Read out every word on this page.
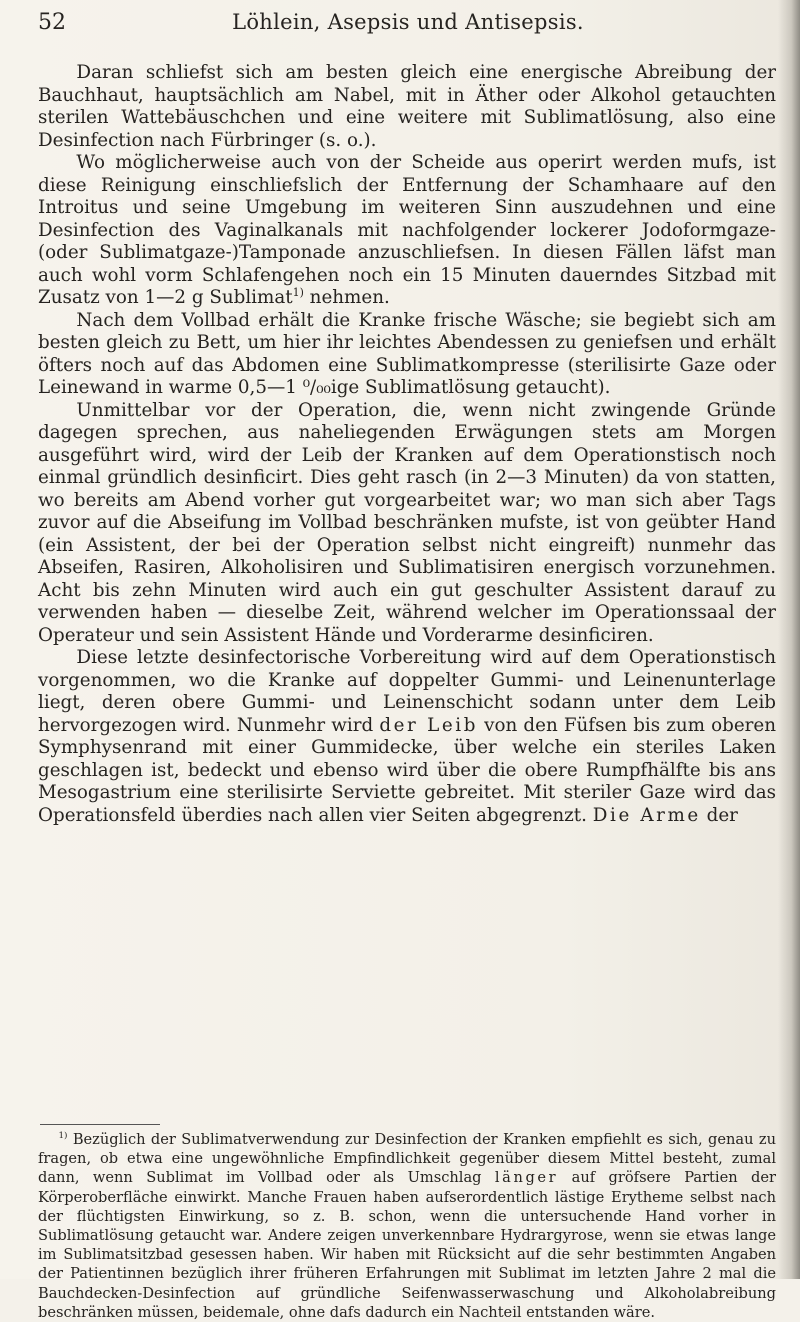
52	Löhlein, Asepsis und Antisepsis.

Daran schliefst sich am besten gleich eine energische Abreibung der Bauchhaut, hauptsächlich am Nabel, mit in Äther oder Alkohol getauchten sterilen Wattebäuschchen und eine weitere mit Sublimatlösung, also eine Desinfection nach Fürbringer (s. o.).

Wo möglicherweise auch von der Scheide aus operirt werden mufs, ist diese Reinigung einschliefslich der Entfernung der Schamhaare auf den Introitus und seine Umgebung im weiteren Sinn auszudehnen und eine Desinfection des Vaginalkanals mit nachfolgender lockerer Jodoformgaze- (oder Sublimatgaze-)Tamponade anzuschliefsen. In diesen Fällen läfst man auch wohl vorm Schlafengehen noch ein 15 Minuten dauerndes Sitzbad mit Zusatz von 1—2 g Sublimat$^{1)}$ nehmen.

Nach dem Vollbad erhält die Kranke frische Wäsche; sie begiebt sich am besten gleich zu Bett, um hier ihr leichtes Abendessen zu geniefsen und erhält öfters noch auf das Abdomen eine Sublimatkompresse (sterilisirte Gaze oder Leinewand in warme 0,5—1 ⁰/₀₀ige Sublimatlösung getaucht).

Unmittelbar vor der Operation, die, wenn nicht zwingende Gründe dagegen sprechen, aus naheliegenden Erwägungen stets am Morgen ausgeführt wird, wird der Leib der Kranken auf dem Operationstisch noch einmal gründlich desinficirt. Dies geht rasch (in 2—3 Minuten) da von statten, wo bereits am Abend vorher gut vorgearbeitet war; wo man sich aber Tags zuvor auf die Abseifung im Vollbad beschränken mufste, ist von geübter Hand (ein Assistent, der bei der Operation selbst nicht eingreift) nunmehr das Abseifen, Rasiren, Alkoholisiren und Sublimatisiren energisch vorzunehmen. Acht bis zehn Minuten wird auch ein gut geschulter Assistent darauf zu verwenden haben — dieselbe Zeit, während welcher im Operationssaal der Operateur und sein Assistent Hände und Vorderarme desinficiren.

Diese letzte desinfectorische Vorbereitung wird auf dem Operationstisch vorgenommen, wo die Kranke auf doppelter Gummi- und Leinenunterlage liegt, deren obere Gummi- und Leinenschicht sodann unter dem Leib hervorgezogen wird. Nunmehr wird der Leib von den Füfsen bis zum oberen Symphysenrand mit einer Gummidecke, über welche ein steriles Laken geschlagen ist, bedeckt und ebenso wird über die obere Rumpfhälfte bis ans Mesogastrium eine sterilisirte Serviette gebreitet. Mit steriler Gaze wird das Operationsfeld überdies nach allen vier Seiten abgegrenzt. Die Arme der

$^{1)}$ Bezüglich der Sublimatverwendung zur Desinfection der Kranken empfiehlt es sich, genau zu fragen, ob etwa eine ungewöhnliche Empfindlichkeit gegenüber diesem Mittel besteht, zumal dann, wenn Sublimat im Vollbad oder als Umschlag länger auf gröfsere Partien der Körperoberfläche einwirkt. Manche Frauen haben aufserordentlich lästige Erytheme selbst nach der flüchtigsten Einwirkung, so z. B. schon, wenn die untersuchende Hand vorher in Sublimatlösung getaucht war. Andere zeigen unverkennbare Hydrargyrose, wenn sie etwas lange im Sublimatsitzbad gesessen haben. Wir haben mit Rücksicht auf die sehr bestimmten Angaben der Patientinnen bezüglich ihrer früheren Erfahrungen mit Sublimat im letzten Jahre 2 mal die Bauchdecken-Desinfection auf gründliche Seifenwasserwaschung und Alkoholabreibung beschränken müssen, beidemale, ohne dafs dadurch ein Nachteil entstanden wäre.
